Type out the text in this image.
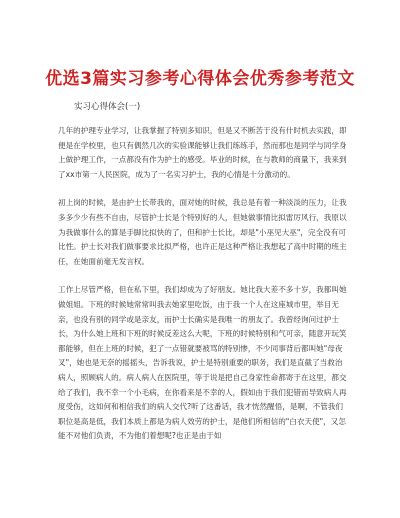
优选3篇实习参考心得体会优秀参考范文
实习心得体会(一)

几年的护理专业学习，让我掌握了特别多知识，但是又不断苦于没有什时机去实践，即便是在学校里，也只有偶然几次的实验课能够让我们练练手，然而那也是同学与同学身上做护理工作，一点都没有作为护士的感受。毕业的时候，在与教师的商量下，我来到了xx市第一人民医院，成为了一名实习护士，我的心情是十分激动的。

初上岗的时候，是由护士长带我的，面对她的时候，我总是有着一种淡淡的压力，让我多多少少有些不自由，尽管护士长是个特别好的人，但她做事情比拟雷厉风行，我原以为我做事什么的算是手脚比拟快的了，但和护士长比，却是"小巫见大巫"，完全没有可比性。护士长对我们做事要求比拟严格，也许正是这种严格让我想起了高中时期的班主任，在她面前毫无发言权。

工作上尽管严格，但在私下里，我们却成为了好朋友。她比我大差不多十岁，我都叫她做姐姐。下班的时候她常常叫我去她家里吃饭，由于我一个人在这座城市里，举目无亲，也没有别的同学或是亲友，而护士长确实是我唯一的朋友了。我曾经询问过护士长，为什么她上班和下班的时候反差这么大呢，下班的时候特别和气可亲，随意开玩笑都能够，但在上班的时候，犯了一点错就要被骂的特别惨，不少同事背后都叫她"母夜叉"，她也是无奈的摇摇头，告诉我说，护士是特别重要的职务，我们是直截了当救治病人，照顾病人的。病人病人在医院里，等于说是把自己身家性命都寄于在这里，都交给了我们，我不幸一个小毛病，在你看来是不幸的人，假如由于我们犯错而导致病人再度受伤，这如何和相信我们的病人交代?听了这番话，我才恍然醒悟，是啊，不管我们职位是高是低，我们本质上都是为病人效劳的护士，是他们所相信的"白衣天使"，又怎能不对他们负责，不为他们着想呢?也正是由于如
